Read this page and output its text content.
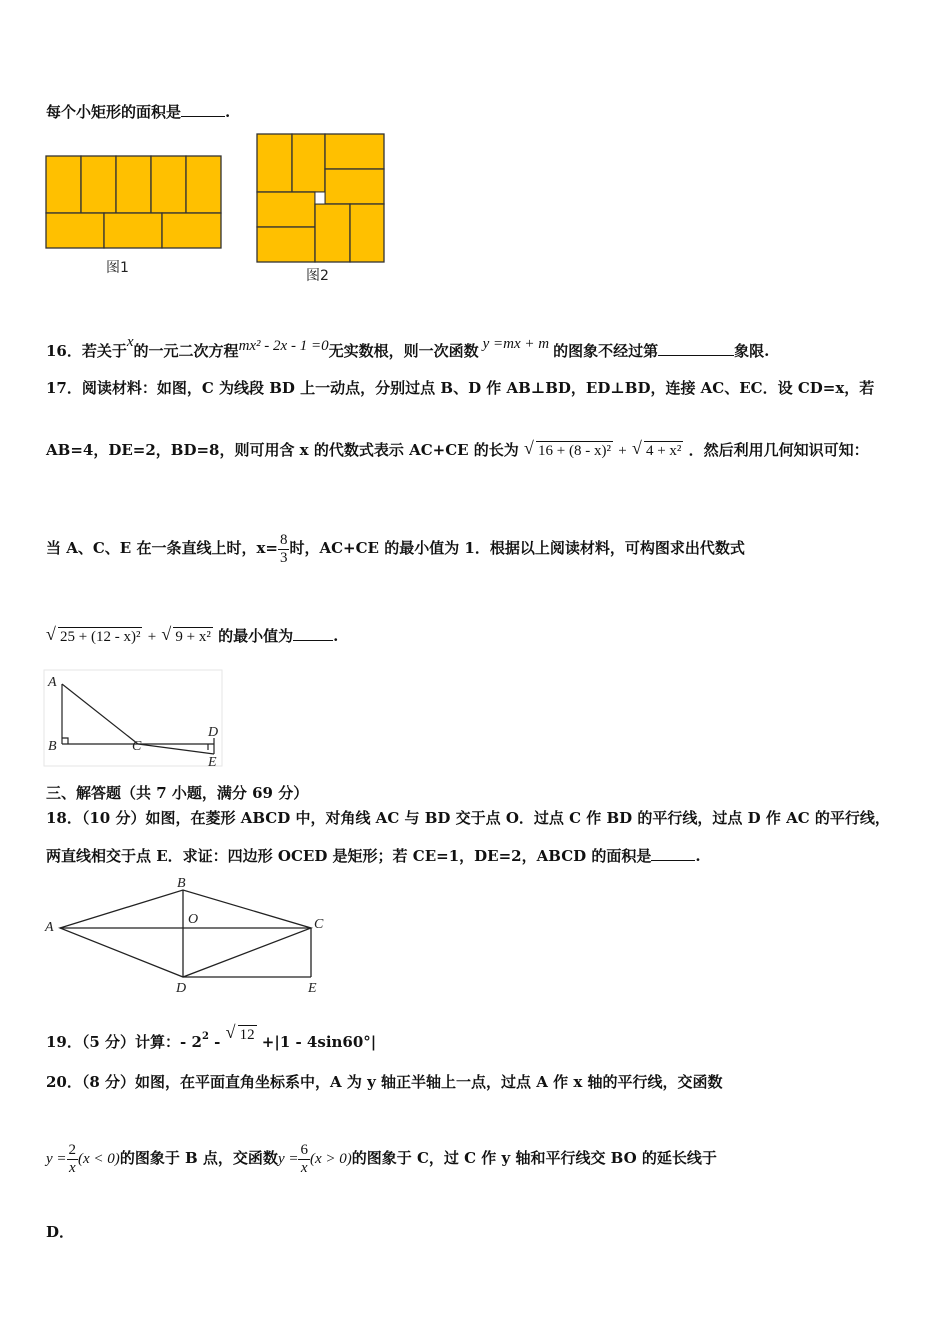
每个小矩形的面积是	.
图1	图2
16．若关于x的一元二次方程mx² - 2x - 1 =0无实数根，则一次函数 y =mx + m 的图象不经过第	象限.
17．阅读材料：如图，C 为线段 BD 上一动点，分别过点 B、D 作 AB⊥BD，ED⊥BD，连接 AC、EC．设 CD=x，若
AB=4，DE=2，BD=8，则可用含 x 的代数式表示 AC+CE 的长为 √ 16 + (8 - x)² + √ 4 + x² ．然后利用几何知识可知：
当 A、C、E 在一条直线上时，$x= \frac{8}{3}$ 时，AC+CE 的最小值为 1．根据以上阅读材料，可构图求出代数式
√ 25 + (12 - x)² + √ 9 + x² 的最小值为	.
A
B	C
D
E
三、解答题（共 7 小题，满分 69 分）
18．（10 分）如图，在菱形 ABCD 中，对角线 AC 与 BD 交于点 O．过点 C 作 BD 的平行线，过点 D 作 AC 的平行线，
两直线相交于点 E．求证：四边形 OCED 是矩形；若 CE=1，DE=2，ABCD 的面积是	.
A
B
C
D	E
O
19．（5 分）计算：- $2^2$ - √ 12 +|1 - 4sin60°|
20．（8 分）如图，在平面直角坐标系中，A 为 y 轴正半轴上一点，过点 A 作 x 轴的平行线，交函数
$y = \frac{2}{x} (x < 0)$的图象于 B 点，交函数$y = \frac{6}{x} (x > 0)$的图象于 C，过 C 作 y 轴和平行线交 BO 的延长线于
D．
